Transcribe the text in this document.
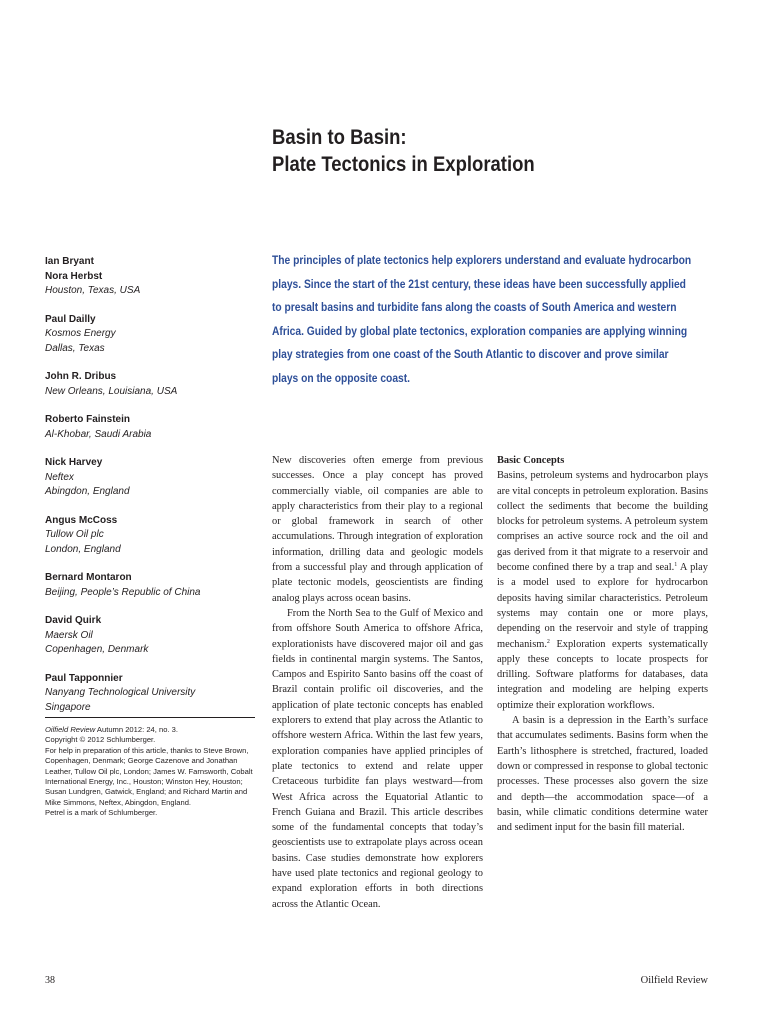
Basin to Basin:
Plate Tectonics in Exploration
Ian Bryant
Nora Herbst
Houston, Texas, USA
Paul Dailly
Kosmos Energy
Dallas, Texas
John R. Dribus
New Orleans, Louisiana, USA
Roberto Fainstein
Al-Khobar, Saudi Arabia
Nick Harvey
Neftex
Abingdon, England
Angus McCoss
Tullow Oil plc
London, England
Bernard Montaron
Beijing, People’s Republic of China
David Quirk
Maersk Oil
Copenhagen, Denmark
Paul Tapponnier
Nanyang Technological University
Singapore

Oilfield Review Autumn 2012: 24, no. 3.

Copyright © 2012 Schlumberger.

For help in preparation of this article, thanks to Steve Brown, Copenhagen, Denmark; George Cazenove and Jonathan Leather, Tullow Oil plc, London; James W. Farnsworth, Cobalt International Energy, Inc., Houston; Winston Hey, Houston; Susan Lundgren, Gatwick, England; and Richard Martin and Mike Simmons, Neftex, Abingdon, England.

Petrel is a mark of Schlumberger.

The principles of plate tectonics help explorers understand and evaluate hydrocarbon
plays. Since the start of the 21st century, these ideas have been successfully applied
to presalt basins and turbidite fans along the coasts of South America and western
Africa. Guided by global plate tectonics, exploration companies are applying winning
play strategies from one coast of the South Atlantic to discover and prove similar
plays on the opposite coast.

New discoveries often emerge from previous successes. Once a play concept has proved commercially viable, oil companies are able to apply characteristics from their play to a regional or global framework in search of other accumulations. Through integration of exploration information, drilling data and geologic models from a successful play and through application of plate tectonic models, geoscientists are finding analog plays across ocean basins.

From the North Sea to the Gulf of Mexico and from offshore South America to offshore Africa, explorationists have discovered major oil and gas fields in continental margin systems. The Santos, Campos and Espirito Santo basins off the coast of Brazil contain prolific oil discoveries, and the application of plate tectonic concepts has enabled explorers to extend that play across the Atlantic to offshore western Africa. Within the last few years, exploration companies have applied principles of plate tectonics to extend and relate upper Cretaceous turbidite fan plays westward—from West Africa across the Equatorial Atlantic to French Guiana and Brazil. This article describes some of the fundamental concepts that today’s geoscientists use to extrapolate plays across ocean basins. Case studies demonstrate how explorers have used plate tectonics and regional geology to expand exploration efforts in both directions across the Atlantic Ocean.

Basic Concepts

Basins, petroleum systems and hydrocarbon plays are vital concepts in petroleum exploration. Basins collect the sediments that become the building blocks for petroleum systems. A petroleum system comprises an active source rock and the oil and gas derived from it that migrate to a reservoir and become confined there by a trap and seal.$^1$ A play is a model used to explore for hydrocarbon deposits having similar characteristics. Petroleum systems may contain one or more plays, depending on the reservoir and style of trapping mechanism.$^2$ Exploration experts systematically apply these concepts to locate prospects for drilling. Software platforms for databases, data integration and modeling are helping experts optimize their exploration workflows.

A basin is a depression in the Earth’s surface that accumulates sediments. Basins form when the Earth’s lithosphere is stretched, fractured, loaded down or compressed in response to global tectonic processes. These processes also govern the size and depth—the accommodation space—of a basin, while climatic conditions determine water and sediment input for the basin fill material.

38	Oilfield Review
